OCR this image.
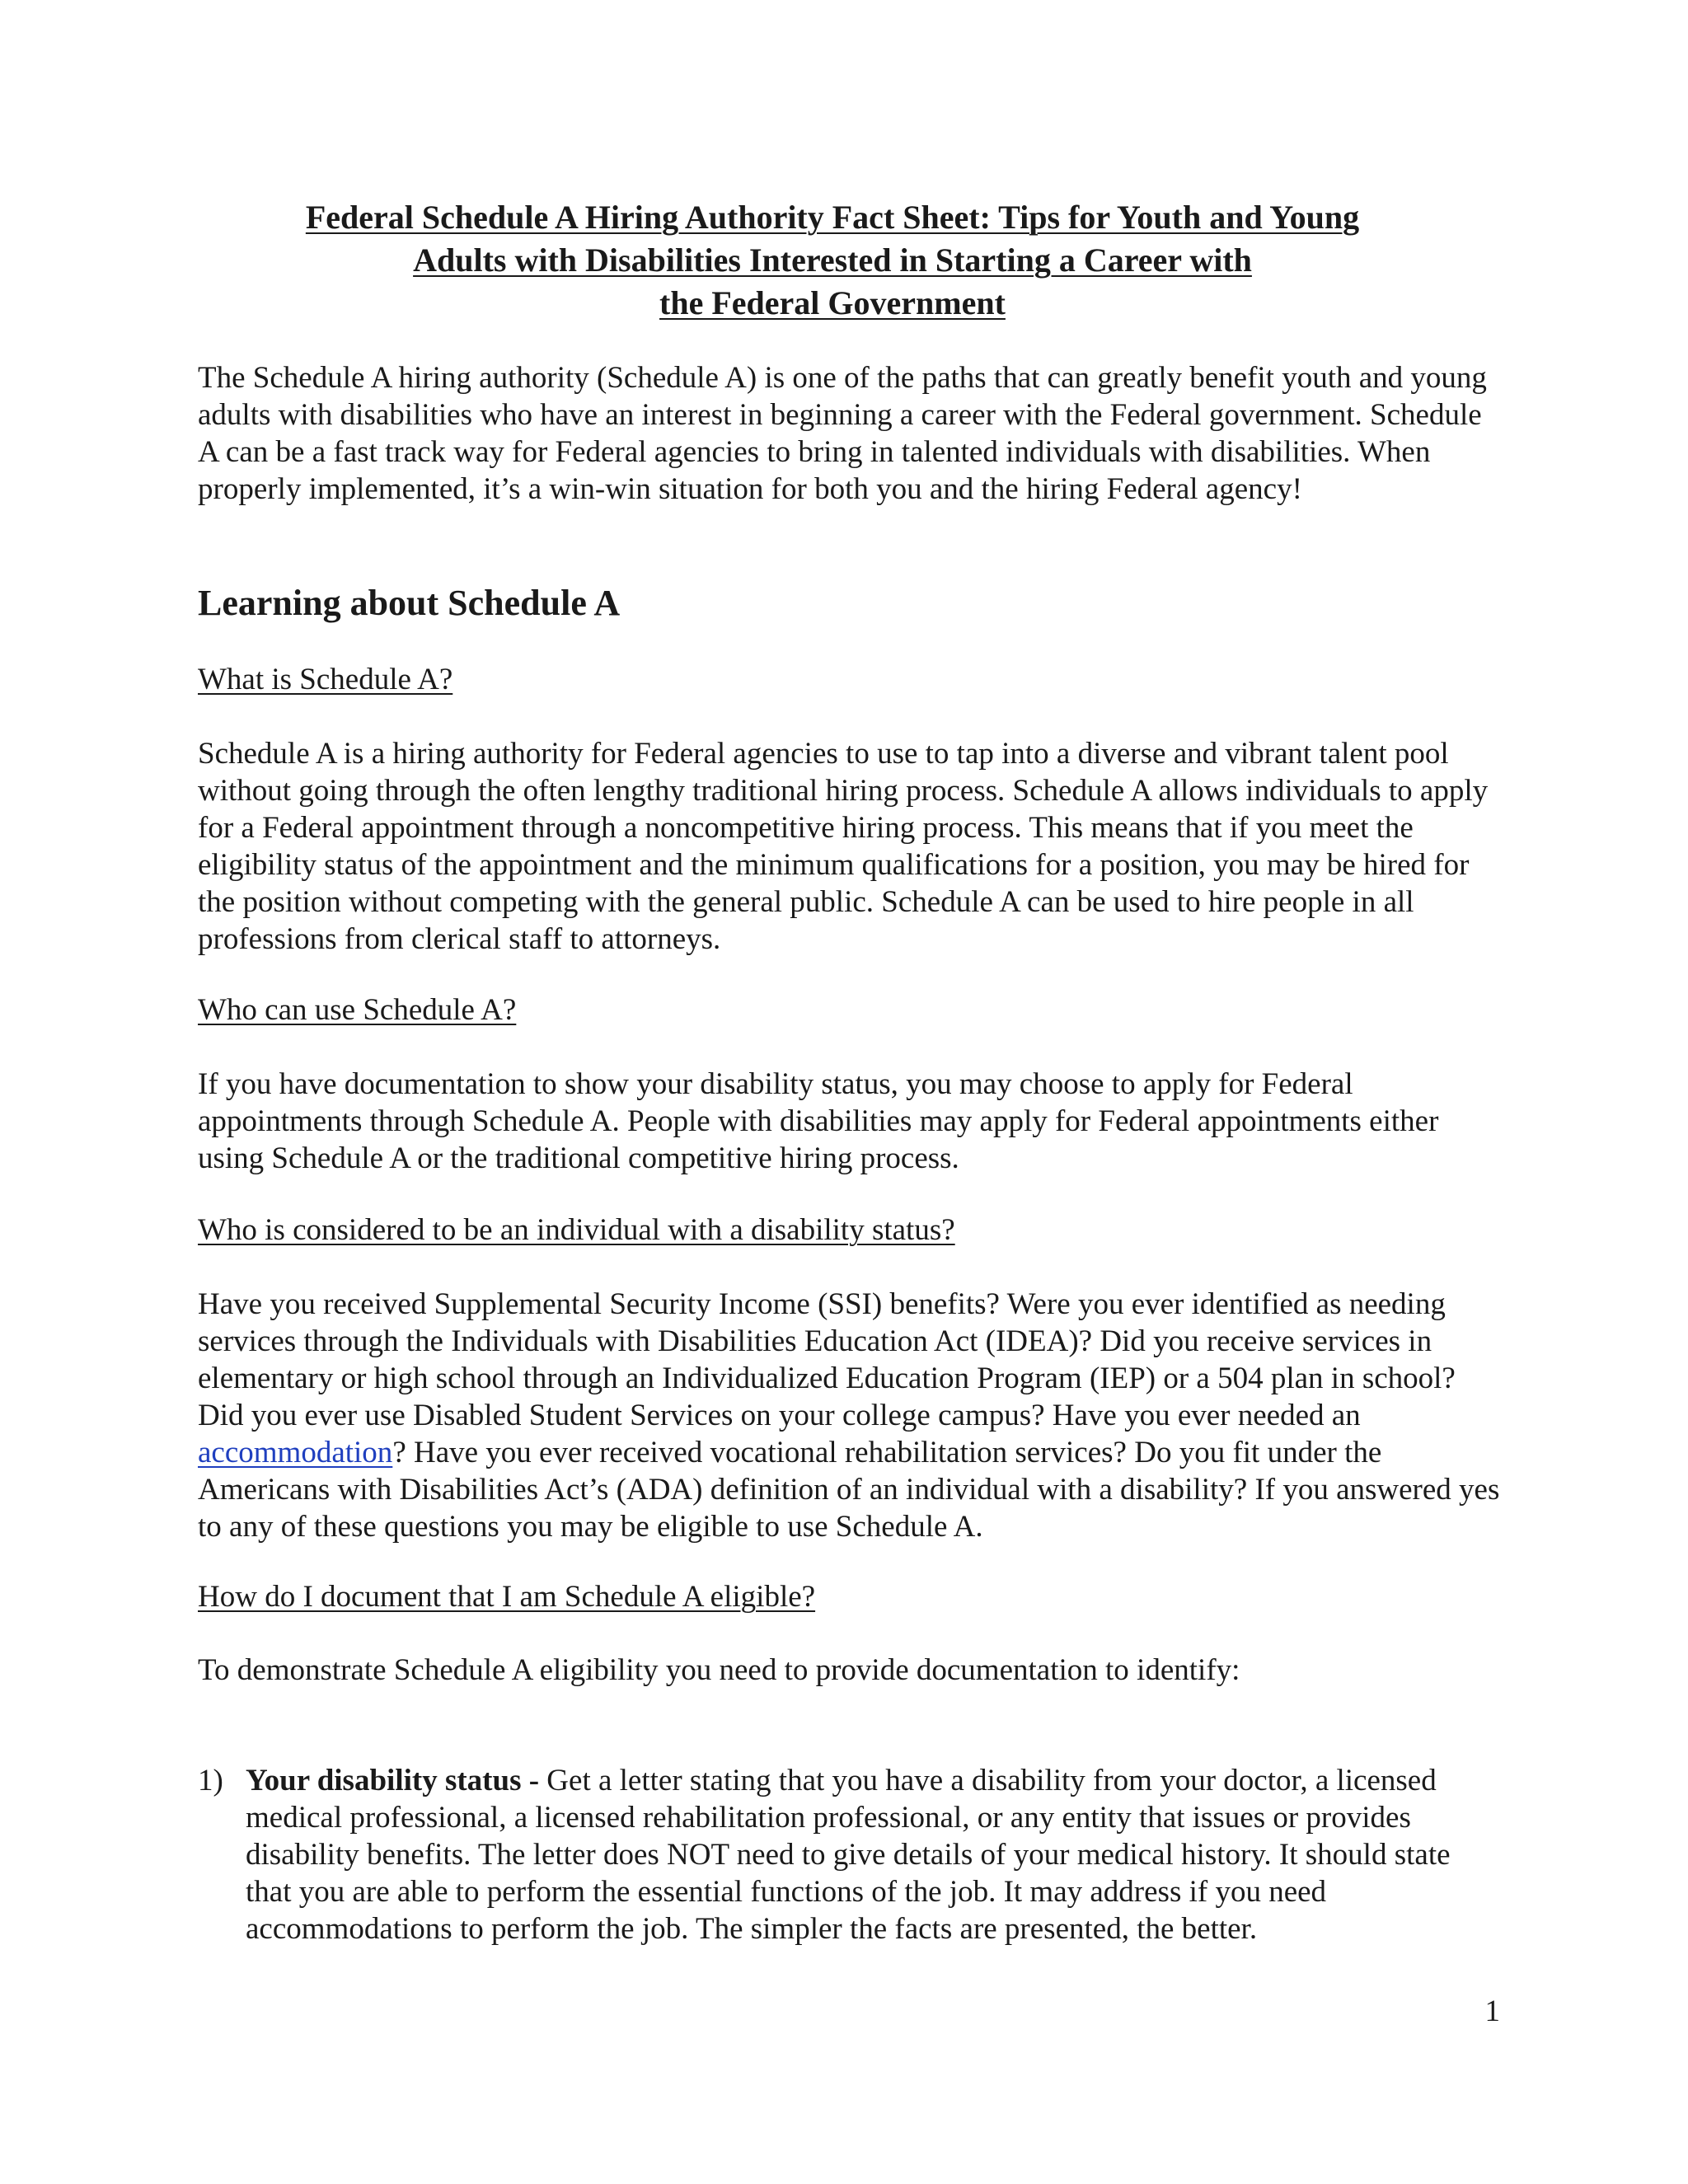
Federal Schedule A Hiring Authority Fact Sheet: Tips for Youth and Young
Adults with Disabilities Interested in Starting a Career with
the Federal Government
The Schedule A hiring authority (Schedule A) is one of the paths that can greatly benefit youth and young adults with disabilities who have an interest in beginning a career with the Federal government. Schedule A can be a fast track way for Federal agencies to bring in talented individuals with disabilities. When properly implemented, it’s a win-win situation for both you and the hiring Federal agency!
Learning about Schedule A
What is Schedule A?
Schedule A is a hiring authority for Federal agencies to use to tap into a diverse and vibrant talent pool without going through the often lengthy traditional hiring process. Schedule A allows individuals to apply for a Federal appointment through a noncompetitive hiring process. This means that if you meet the eligibility status of the appointment and the minimum qualifications for a position, you may be hired for the position without competing with the general public. Schedule A can be used to hire people in all professions from clerical staff to attorneys.
Who can use Schedule A?
If you have documentation to show your disability status, you may choose to apply for Federal appointments through Schedule A. People with disabilities may apply for Federal appointments either using Schedule A or the traditional competitive hiring process.
Who is considered to be an individual with a disability status?
Have you received Supplemental Security Income (SSI) benefits? Were you ever identified as needing services through the Individuals with Disabilities Education Act (IDEA)? Did you receive services in elementary or high school through an Individualized Education Program (IEP) or a 504 plan in school? Did you ever use Disabled Student Services on your college campus? Have you ever needed an accommodation? Have you ever received vocational rehabilitation services? Do you fit under the Americans with Disabilities Act’s (ADA) definition of an individual with a disability? If you answered yes to any of these questions you may be eligible to use Schedule A.
How do I document that I am Schedule A eligible?
To demonstrate Schedule A eligibility you need to provide documentation to identify:
1) Your disability status - Get a letter stating that you have a disability from your doctor, a licensed medical professional, a licensed rehabilitation professional, or any entity that issues or provides disability benefits. The letter does NOT need to give details of your medical history. It should state that you are able to perform the essential functions of the job. It may address if you need accommodations to perform the job. The simpler the facts are presented, the better.
1
